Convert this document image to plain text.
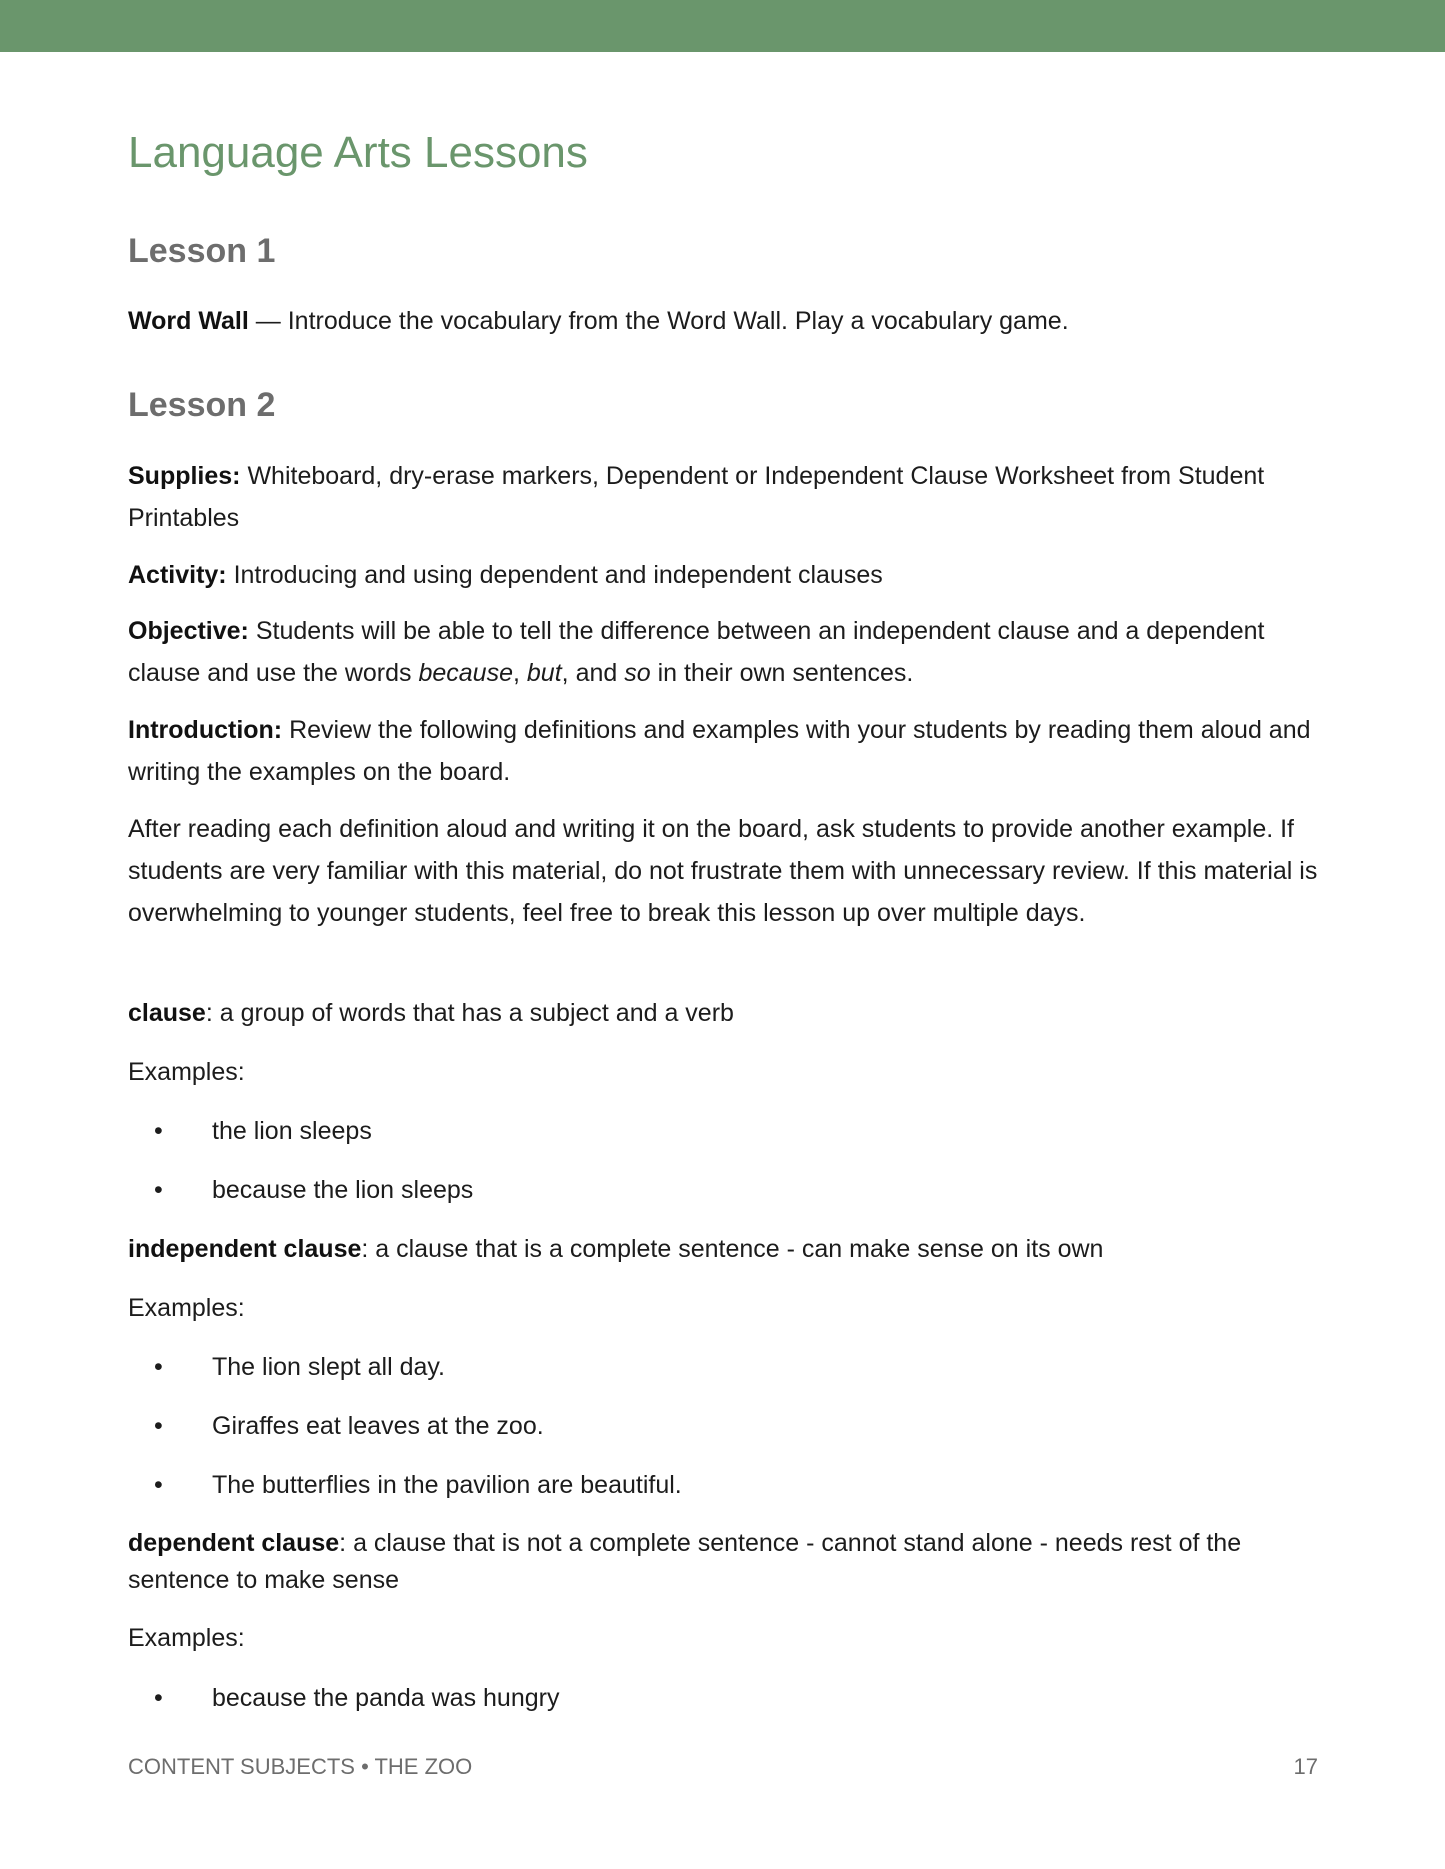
Language Arts Lessons
Lesson 1

Word Wall — Introduce the vocabulary from the Word Wall. Play a vocabulary game.

Lesson 2

Supplies: Whiteboard, dry-erase markers, Dependent or Independent Clause Worksheet from Student Printables

Activity: Introducing and using dependent and independent clauses

Objective: Students will be able to tell the difference between an independent clause and a dependent clause and use the words because, but, and so in their own sentences.

Introduction: Review the following definitions and examples with your students by reading them aloud and writing the examples on the board.

After reading each definition aloud and writing it on the board, ask students to provide another example. If students are very familiar with this material, do not frustrate them with unnecessary review. If this material is overwhelming to younger students, feel free to break this lesson up over multiple days.

clause: a group of words that has a subject and a verb

Examples:

• the lion sleeps
• because the lion sleeps

independent clause: a clause that is a complete sentence - can make sense on its own

Examples:

• The lion slept all day.
• Giraffes eat leaves at the zoo.
• The butterflies in the pavilion are beautiful.

dependent clause: a clause that is not a complete sentence - cannot stand alone - needs rest of the sentence to make sense

Examples:

• because the panda was hungry
CONTENT SUBJECTS • THE ZOO	17
